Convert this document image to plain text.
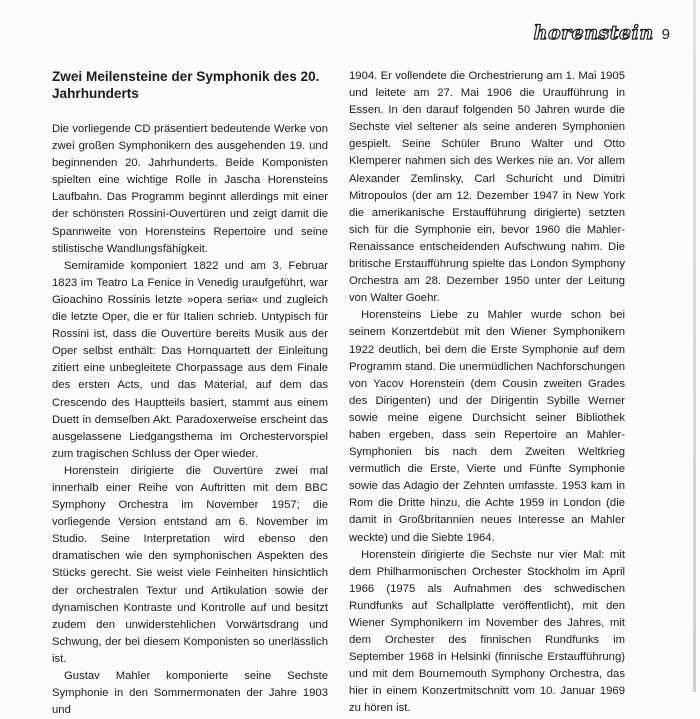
horenstein 9
Zwei Meilensteine der Symphonik des 20. Jahrhunderts

Die vorliegende CD präsentiert bedeutende Werke von zwei großen Symphonikern des ausgehenden 19. und beginnenden 20. Jahrhunderts. Beide Komponisten spielten eine wichtige Rolle in Jascha Horensteins Laufbahn. Das Programm beginnt allerdings mit einer der schönsten Rossini-Ouvertüren und zeigt damit die Spannweite von Horensteins Repertoire und seine stilistische Wandlungsfähigkeit.

Semiramide komponiert 1822 und am 3. Februar 1823 im Teatro La Fenice in Venedig uraufgeführt, war Gioachino Rossinis letzte »opera seria« und zugleich die letzte Oper, die er für Italien schrieb. Untypisch für Rossini ist, dass die Ouvertüre bereits Musik aus der Oper selbst enthält: Das Hornquartett der Einleitung zitiert eine unbegleitete Chorpassage aus dem Finale des ersten Acts, und das Material, auf dem das Crescendo des Hauptteils basiert, stammt aus einem Duett in demselben Akt. Paradoxerweise erscheint das ausgelassene Liedgangsthema im Orchestervorspiel zum tragischen Schluss der Oper wieder.

Horenstein dirigierte die Ouvertüre zwei mal innerhalb einer Reihe von Auftritten mit dem BBC Symphony Orchestra im November 1957; die vorliegende Version entstand am 6. November im Studio. Seine Interpretation wird ebenso den dramatischen wie den symphonischen Aspekten des Stücks gerecht. Sie weist viele Feinheiten hinsichtlich der orchestralen Textur und Artikulation sowie der dynamischen Kontraste und Kontrolle auf und besitzt zudem den unwiderstehlichen Vorwärtsdrang und Schwung, der bei diesem Komponisten so unerlässlich ist.

Gustav Mahler komponierte seine Sechste Symphonie in den Sommermonaten der Jahre 1903 und

1904. Er vollendete die Orchestrierung am 1. Mai 1905 und leitete am 27. Mai 1906 die Uraufführung in Essen. In den darauf folgenden 50 Jahren wurde die Sechste viel seltener als seine anderen Symphonien gespielt. Seine Schüler Bruno Walter und Otto Klemperer nahmen sich des Werkes nie an. Vor allem Alexander Zemlinsky, Carl Schuricht und Dimitri Mitropoulos (der am 12. Dezember 1947 in New York die amerikanische Erstaufführung dirigierte) setzten sich für die Symphonie ein, bevor 1960 die Mahler-Renaissance entscheidenden Aufschwung nahm. Die britische Erstaufführung spielte das London Symphony Orchestra am 28. Dezember 1950 unter der Leitung von Walter Goehr.

Horensteins Liebe zu Mahler wurde schon bei seinem Konzertdebüt mit den Wiener Symphonikern 1922 deutlich, bei dem die Erste Symphonie auf dem Programm stand. Die unermüdlichen Nachforschungen von Yacov Horenstein (dem Cousin zweiten Grades des Dirigenten) und der Dirigentin Sybille Werner sowie meine eigene Durchsicht seiner Bibliothek haben ergeben, dass sein Repertoire an Mahler-Symphonien bis nach dem Zweiten Weltkrieg vermutlich die Erste, Vierte und Fünfte Symphonie sowie das Adagio der Zehnten umfasste. 1953 kam in Rom die Dritte hinzu, die Achte 1959 in London (die damit in Großbritannien neues Interesse an Mahler weckte) und die Siebte 1964.

Horenstein dirigierte die Sechste nur vier Mal: mit dem Philharmonischen Orchester Stockholm im April 1966 (1975 als Aufnahmen des schwedischen Rundfunks auf Schallplatte veröffentlicht), mit den Wiener Symphonikern im November des Jahres, mit dem Orchester des finnischen Rundfunks im September 1968 in Helsinki (finnische Erstaufführung) und mit dem Bournemouth Symphony Orchestra, das hier in einem Konzertmitschnitt vom 10. Januar 1969 zu hören ist.
